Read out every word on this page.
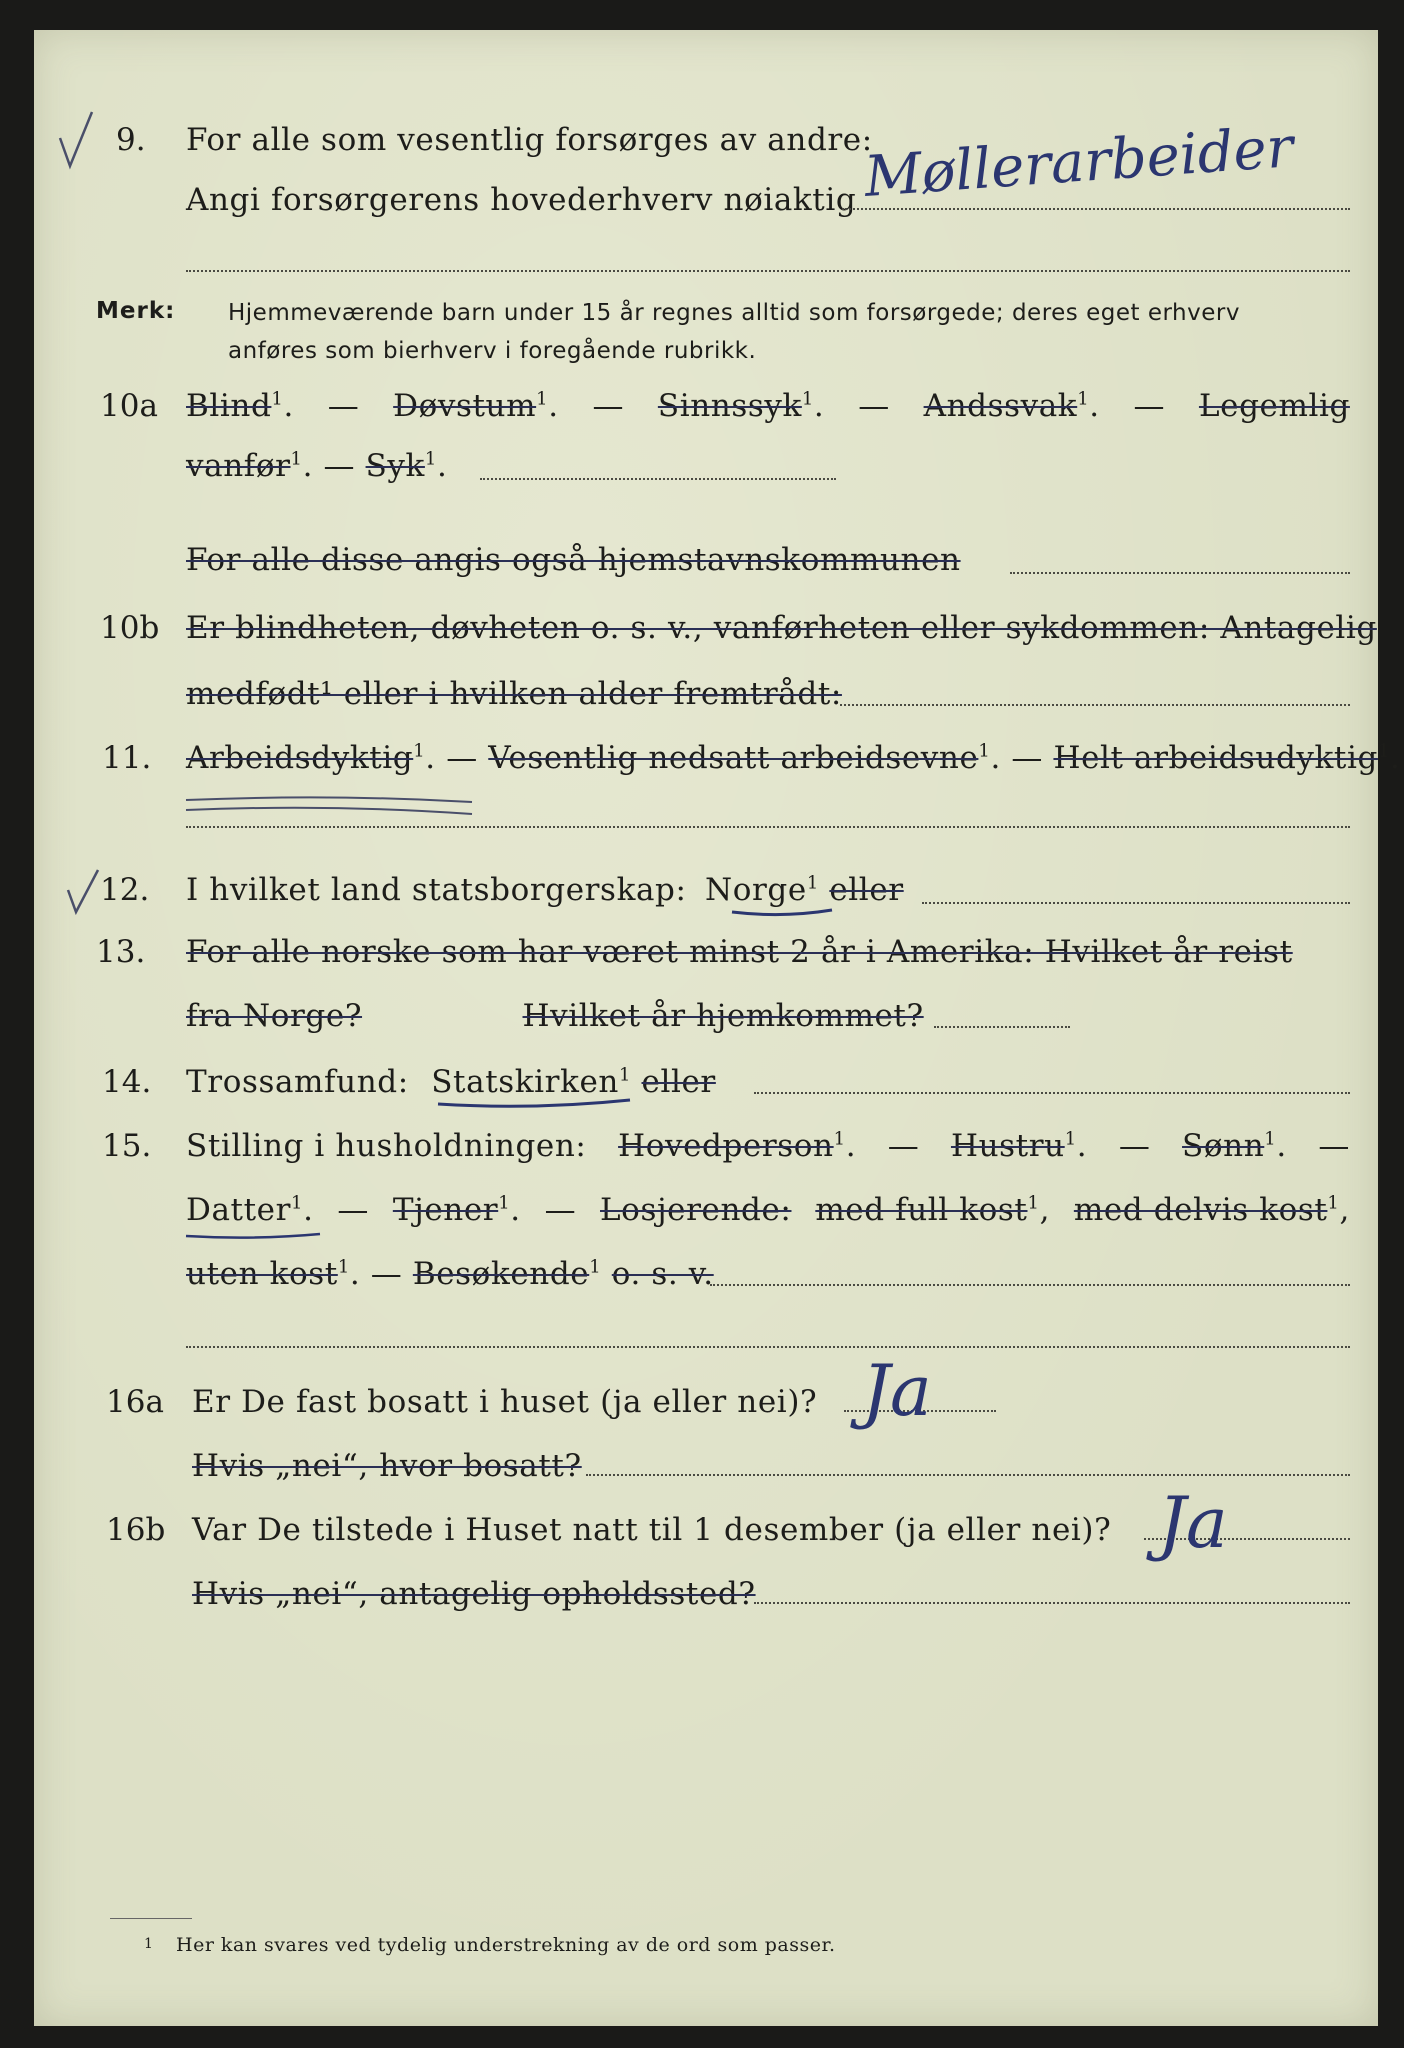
9. For alle som vesentlig forsørges av andre:
Angi forsørgerens hovederhverv nøiaktig Møllerarbeider
Merk: Hjemmeværende barn under 15 år regnes alltid som forsørgede; deres eget erhverv
anføres som bierhverv i foregående rubrikk.
10a Blind$^1$. — Døvstum$^1$. — Sinnssyk$^1$. — Andssvak$^1$. — Legemlig
vanfør$^1$. — Syk$^1$.
For alle disse angis også hjemstavnskommunen
10b Er blindheten, døvheten o. s. v., vanførheten eller sykdommen: Antagelig
medfødt¹ eller i hvilken alder fremtrådt:
11. Arbeidsdyktig$^1$. — Vesentlig nedsatt arbeidsevne$^1$. — Helt arbeidsudyktig$^1$.
12. I hvilket land statsborgerskap: Norge$^1$ eller
13. For alle norske som har været minst 2 år i Amerika: Hvilket år reist
fra Norge?	Hvilket år hjemkommet?
14. Trossamfund: Statskirken$^1$ eller
15. Stilling i husholdningen: Hovedperson$^1$. — Hustru$^1$. — Sønn$^1$. —
Datter$^1$. — Tjener$^1$. — Losjerende: med full kost$^1$, med delvis kost$^1$,
uten kost$^1$. — Besøkende$^1$ o. s. v.
16a Er De fast bosatt i huset (ja eller nei)? Ja
Hvis „nei“, hvor bosatt?
16b Var De tilstede i Huset natt til 1 desember (ja eller nei)? Ja
Hvis „nei“, antagelig opholdssted?
1 Her kan svares ved tydelig understrekning av de ord som passer.
